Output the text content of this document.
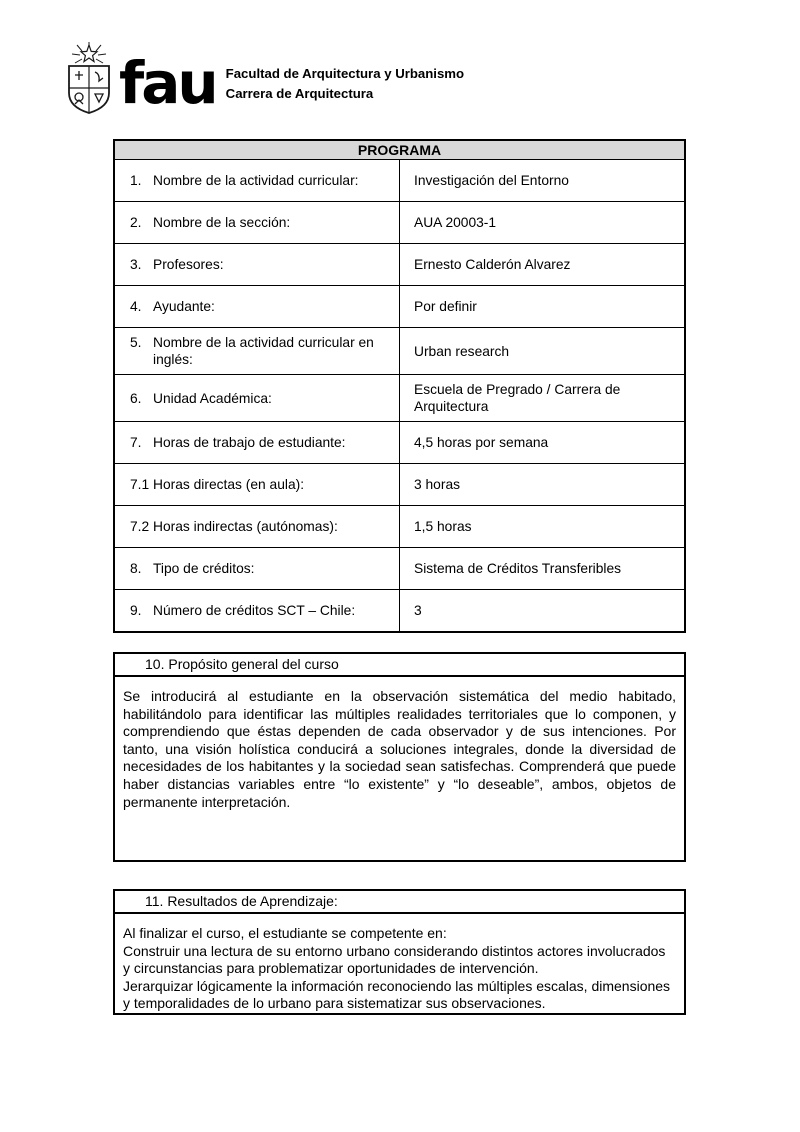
fau Facultad de Arquitectura y Urbanismo
Carrera de Arquitectura
PROGRAMA	

1. Nombre de la actividad curricular:	Investigación del Entorno

2. Nombre de la sección:	AUA 20003-1

3. Profesores:	Ernesto Calderón Alvarez

4. Ayudante:	Por definir

5. Nombre de la actividad curricular en inglés:	Urban research

6. Unidad Académica:	Escuela de Pregrado / Carrera de Arquitectura

7. Horas de trabajo de estudiante:	4,5 horas por semana

7.1 Horas directas (en aula):	3 horas

7.2 Horas indirectas (autónomas):	1,5 horas

8. Tipo de créditos:	Sistema de Créditos Transferibles

9. Número de créditos SCT – Chile:	3
10. Propósito general del curso
Se introducirá al estudiante en la observación sistemática del medio habitado, habilitándolo para identificar las múltiples realidades territoriales que lo componen, y comprendiendo que éstas dependen de cada observador y de sus intenciones. Por tanto, una visión holística conducirá a soluciones integrales, donde la diversidad de necesidades de los habitantes y la sociedad sean satisfechas. Comprenderá que puede haber distancias variables entre “lo existente” y “lo deseable”, ambos, objetos de permanente interpretación.
11. Resultados de Aprendizaje:

Al finalizar el curso, el estudiante se competente en:

Construir una lectura de su entorno urbano considerando distintos actores involucrados y circunstancias para problematizar oportunidades de intervención.

Jerarquizar lógicamente la información reconociendo las múltiples escalas, dimensiones y temporalidades de lo urbano para sistematizar sus observaciones.
